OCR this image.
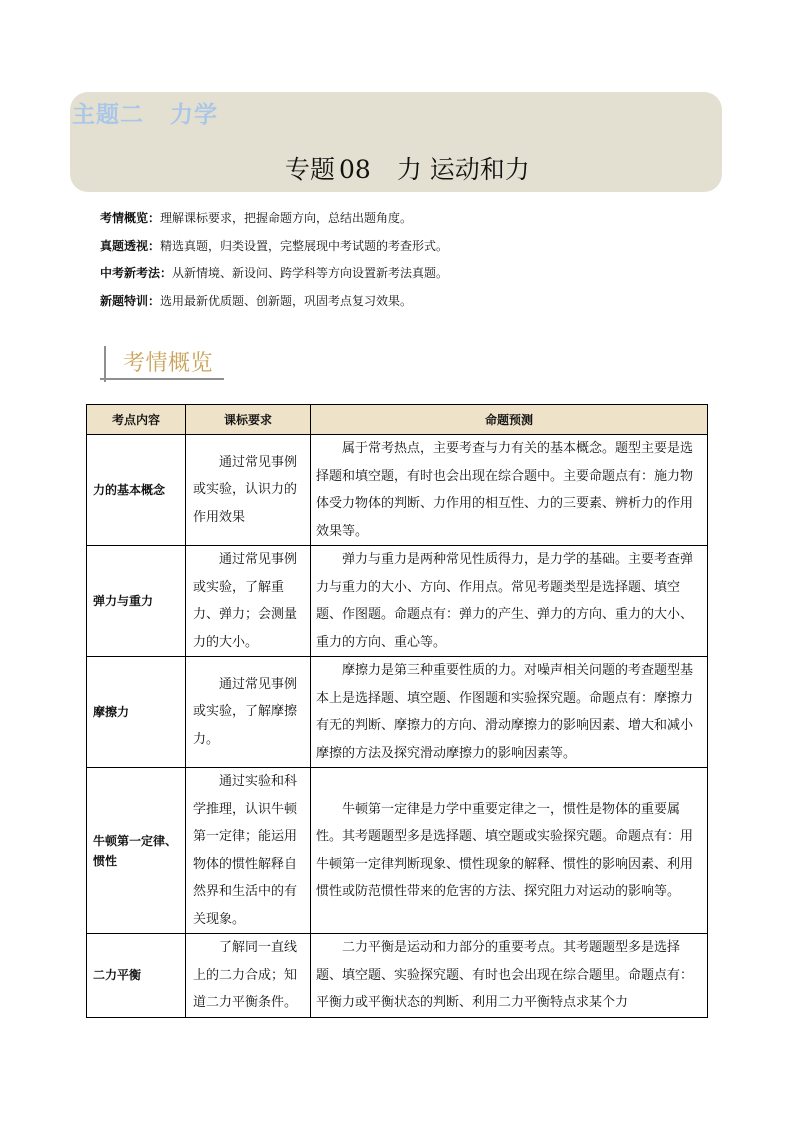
主题二 力学
专题 08 力 运动和力
考情概览：理解课标要求，把握命题方向，总结出题角度。
真题透视：精选真题，归类设置，完整展现中考试题的考查形式。
中考新考法：从新情境、新设问、跨学科等方向设置新考法真题。
新题特训：选用最新优质题、创新题，巩固考点复习效果。
考情概览
考点内容	课标要求	命题预测
力的基本概念	通过常见事例或实验，认识力的作用效果	属于常考热点，主要考查与力有关的基本概念。题型主要是选择题和填空题，有时也会出现在综合题中。主要命题点有：施力物体受力物体的判断、力作用的相互性、力的三要素、辨析力的作用效果等。
弹力与重力	通过常见事例或实验，了解重力、弹力；会测量力的大小。	弹力与重力是两种常见性质得力，是力学的基础。主要考查弹力与重力的大小、方向、作用点。常见考题类型是选择题、填空题、作图题。命题点有：弹力的产生、弹力的方向、重力的大小、重力的方向、重心等。
摩擦力	通过常见事例或实验，了解摩擦力。	摩擦力是第三种重要性质的力。对噪声相关问题的考查题型基本上是选择题、填空题、作图题和实验探究题。命题点有：摩擦力有无的判断、摩擦力的方向、滑动摩擦力的影响因素、增大和减小摩擦的方法及探究滑动摩擦力的影响因素等。
牛顿第一定律、惯性	通过实验和科学推理，认识牛顿第一定律；能运用物体的惯性解释自然界和生活中的有关现象。	牛顿第一定律是力学中重要定律之一，惯性是物体的重要属性。其考题题型多是选择题、填空题或实验探究题。命题点有：用牛顿第一定律判断现象、惯性现象的解释、惯性的影响因素、利用惯性或防范惯性带来的危害的方法、探究阻力对运动的影响等。
二力平衡	了解同一直线上的二力合成；知道二力平衡条件。	二力平衡是运动和力部分的重要考点。其考题题型多是选择题、填空题、实验探究题、有时也会出现在综合题里。命题点有：平衡力或平衡状态的判断、利用二力平衡特点求某个力
